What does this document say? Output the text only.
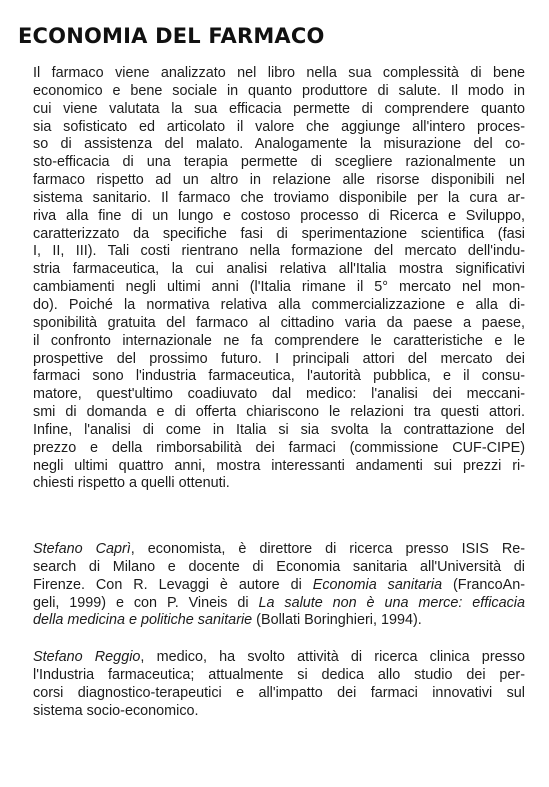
ECONOMIA DEL FARMACO
Il farmaco viene analizzato nel libro nella sua complessità di bene
economico e bene sociale in quanto produttore di salute. Il modo in
cui viene valutata la sua efficacia permette di comprendere quanto
sia sofisticato ed articolato il valore che aggiunge all'intero proces-
so di assistenza del malato. Analogamente la misurazione del co-
sto-efficacia di una terapia permette di scegliere razionalmente un
farmaco rispetto ad un altro in relazione alle risorse disponibili nel
sistema sanitario. Il farmaco che troviamo disponibile per la cura ar-
riva alla fine di un lungo e costoso processo di Ricerca e Sviluppo,
caratterizzato da specifiche fasi di sperimentazione scientifica (fasi
I, II, III). Tali costi rientrano nella formazione del mercato dell'indu-
stria farmaceutica, la cui analisi relativa all'Italia mostra significativi
cambiamenti negli ultimi anni (l'Italia rimane il 5° mercato nel mon-
do). Poiché la normativa relativa alla commercializzazione e alla di-
sponibilità gratuita del farmaco al cittadino varia da paese a paese,
il confronto internazionale ne fa comprendere le caratteristiche e le
prospettive del prossimo futuro. I principali attori del mercato dei
farmaci sono l'industria farmaceutica, l'autorità pubblica, e il consu-
matore, quest'ultimo coadiuvato dal medico: l'analisi dei meccani-
smi di domanda e di offerta chiariscono le relazioni tra questi attori.
Infine, l'analisi di come in Italia si sia svolta la contrattazione del
prezzo e della rimborsabilità dei farmaci (commissione CUF-CIPE)
negli ultimi quattro anni, mostra interessanti andamenti sui prezzi ri-
chiesti rispetto a quelli ottenuti.
Stefano Caprì, economista, è direttore di ricerca presso ISIS Re-
search di Milano e docente di Economia sanitaria all'Università di
Firenze. Con R. Levaggi è autore di Economia sanitaria (FrancoAn-
geli, 1999) e con P. Vineis di La salute non è una merce: efficacia
della medicina e politiche sanitarie (Bollati Boringhieri, 1994).
Stefano Reggio, medico, ha svolto attività di ricerca clinica presso
l'Industria farmaceutica; attualmente si dedica allo studio dei per-
corsi diagnostico-terapeutici e all'impatto dei farmaci innovativi sul
sistema socio-economico.
